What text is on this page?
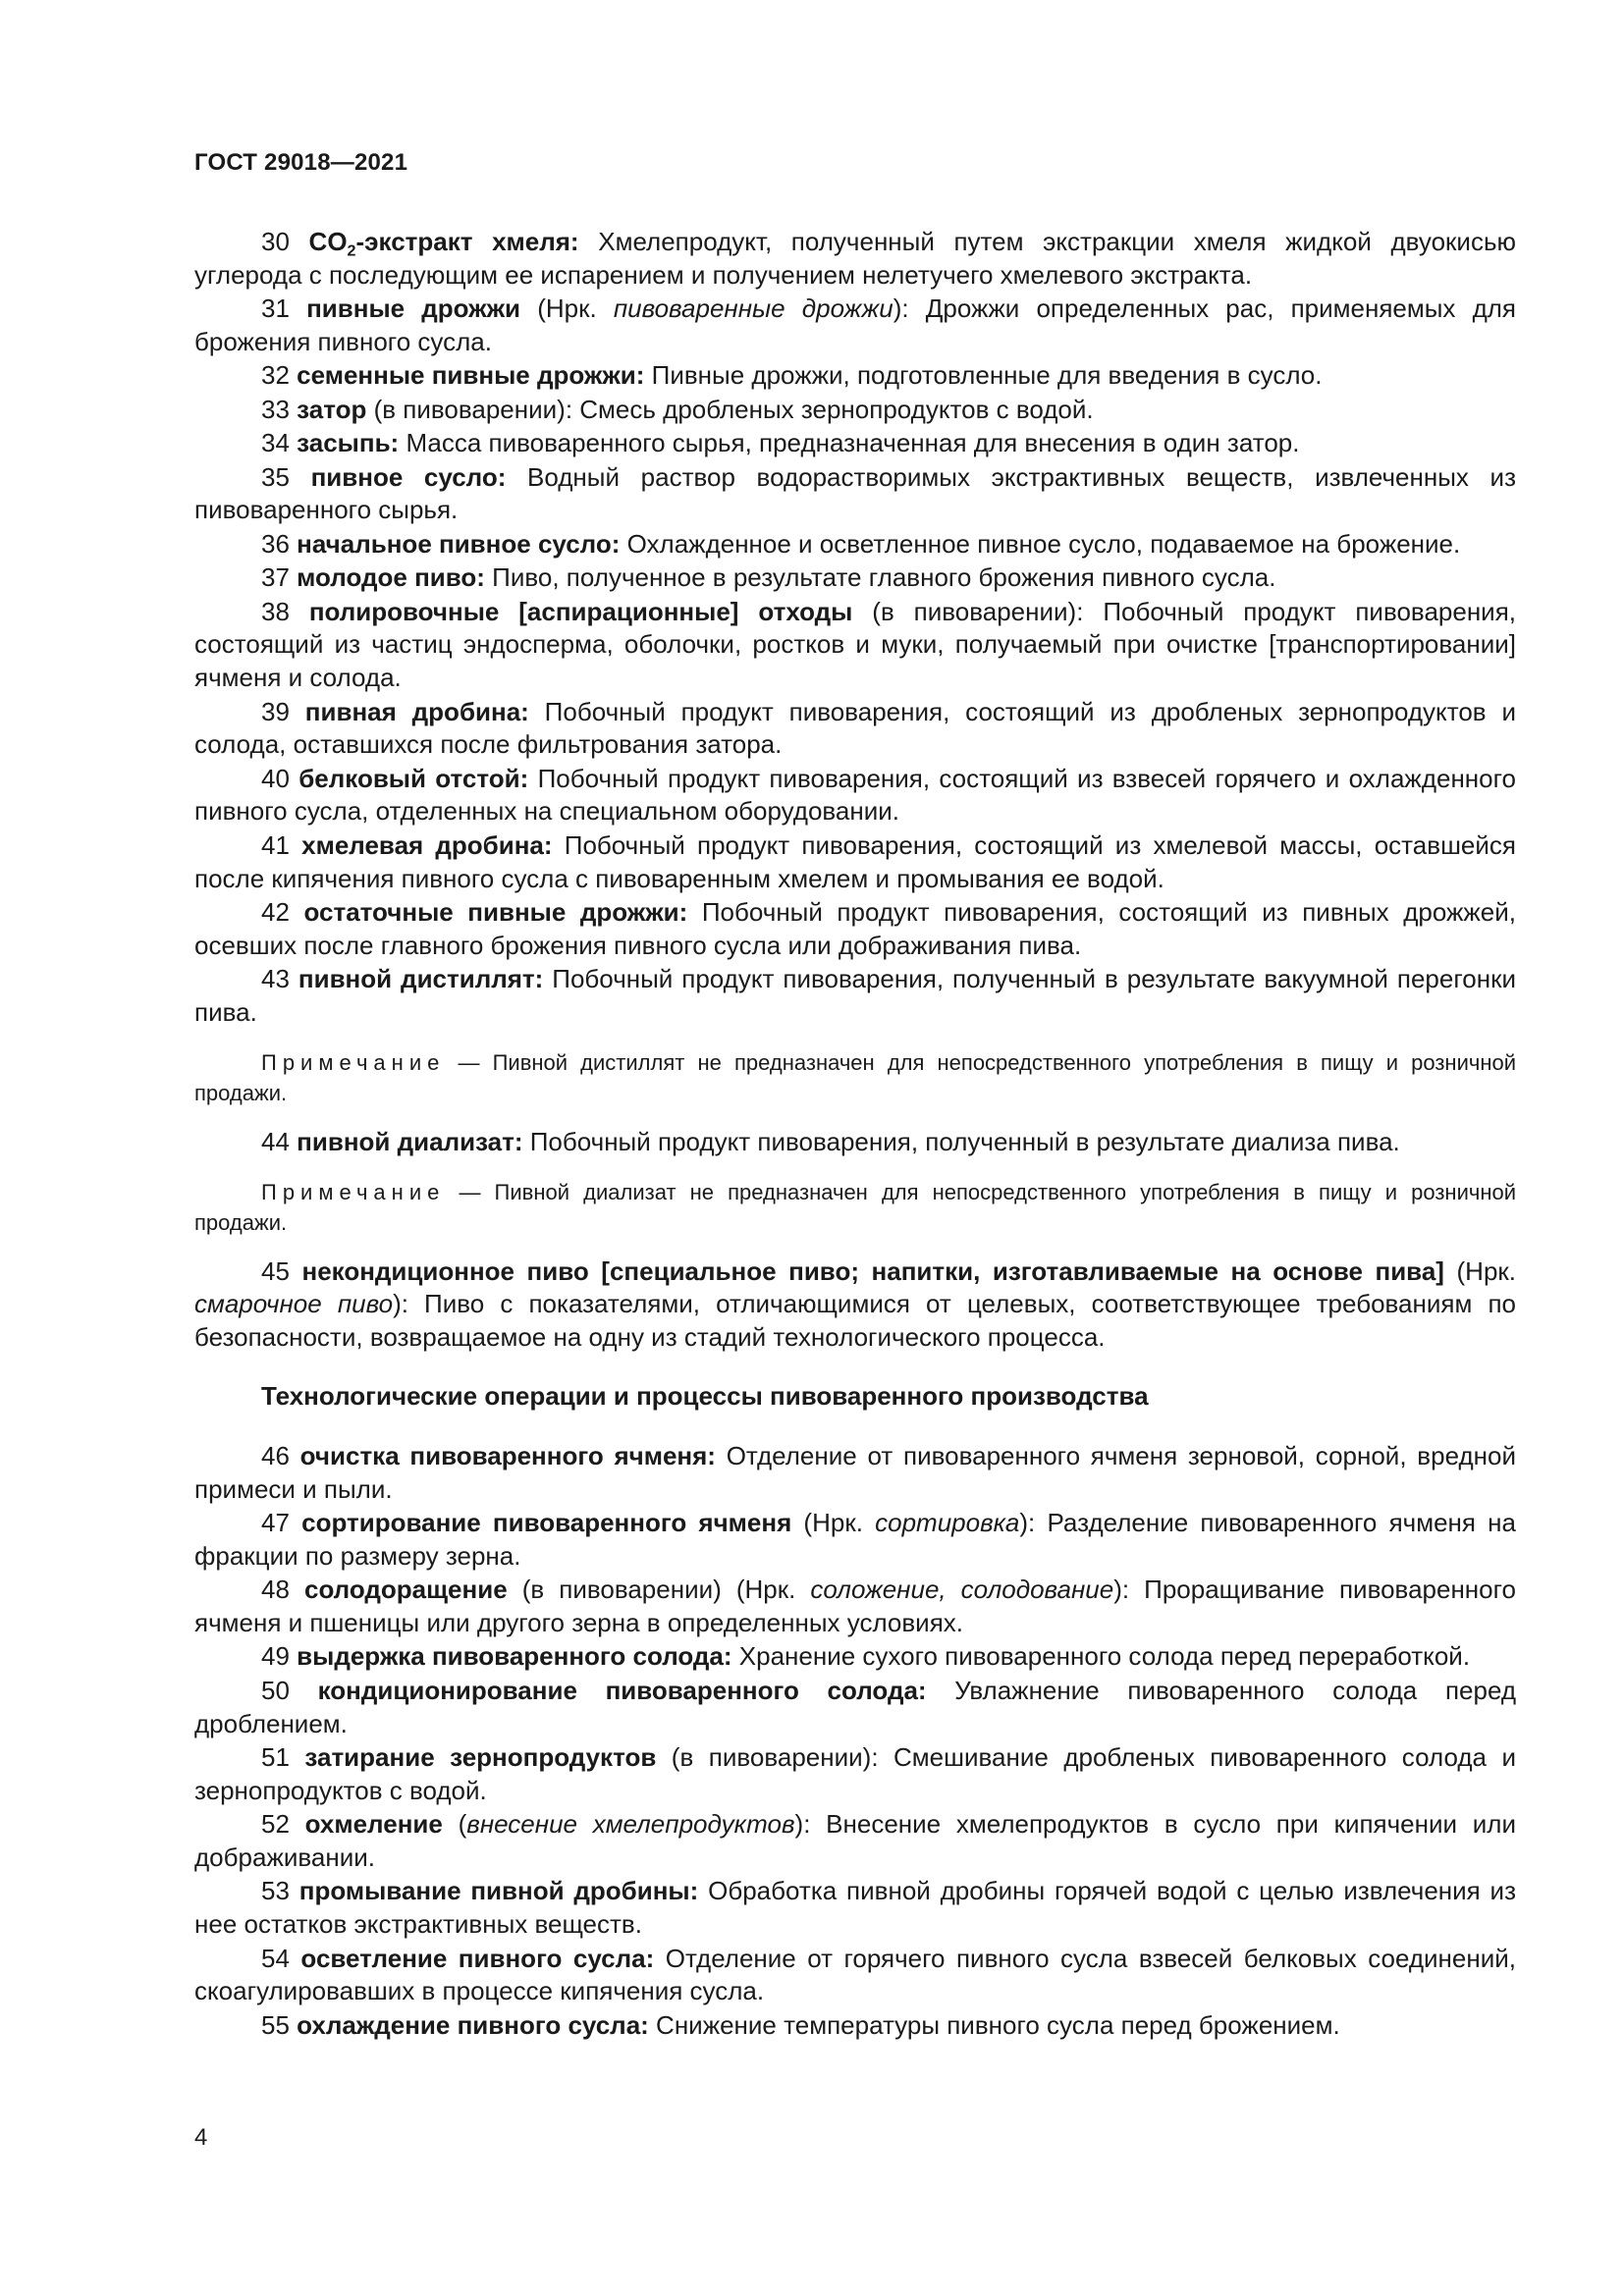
ГОСТ 29018—2021

30 $CO_2$-экстракт хмеля: Хмелепродукт, полученный путем экстракции хмеля жидкой двуокисью углерода с последующим ее испарением и получением нелетучего хмелевого экстракта.

31 пивные дрожжи (Нрк. пивоваренные дрожжи): Дрожжи определенных рас, применяемых для брожения пивного сусла.

32 семенные пивные дрожжи: Пивные дрожжи, подготовленные для введения в сусло.

33 затор (в пивоварении): Смесь дробленых зернопродуктов с водой.

34 засыпь: Масса пивоваренного сырья, предназначенная для внесения в один затор.

35 пивное сусло: Водный раствор водорастворимых экстрактивных веществ, извлеченных из пивоваренного сырья.

36 начальное пивное сусло: Охлажденное и осветленное пивное сусло, подаваемое на брожение.

37 молодое пиво: Пиво, полученное в результате главного брожения пивного сусла.

38 полировочные [аспирационные] отходы (в пивоварении): Побочный продукт пивоварения, состоящий из частиц эндосперма, оболочки, ростков и муки, получаемый при очистке [транспортировании] ячменя и солода.

39 пивная дробина: Побочный продукт пивоварения, состоящий из дробленых зернопродуктов и солода, оставшихся после фильтрования затора.

40 белковый отстой: Побочный продукт пивоварения, состоящий из взвесей горячего и охлажденного пивного сусла, отделенных на специальном оборудовании.

41 хмелевая дробина: Побочный продукт пивоварения, состоящий из хмелевой массы, оставшейся после кипячения пивного сусла с пивоваренным хмелем и промывания ее водой.

42 остаточные пивные дрожжи: Побочный продукт пивоварения, состоящий из пивных дрожжей, осевших после главного брожения пивного сусла или дображивания пива.

43 пивной дистиллят: Побочный продукт пивоварения, полученный в результате вакуумной перегонки пива.

Примечание — Пивной дистиллят не предназначен для непосредственного употребления в пищу и розничной продажи.

44 пивной диализат: Побочный продукт пивоварения, полученный в результате диализа пива.

Примечание — Пивной диализат не предназначен для непосредственного употребления в пищу и розничной продажи.

45 некондиционное пиво [специальное пиво; напитки, изготавливаемые на основе пива] (Нрк. смарочное пиво): Пиво с показателями, отличающимися от целевых, соответствующее требованиям по безопасности, возвращаемое на одну из стадий технологического процесса.

Технологические операции и процессы пивоваренного производства

46 очистка пивоваренного ячменя: Отделение от пивоваренного ячменя зерновой, сорной, вредной примеси и пыли.

47 сортирование пивоваренного ячменя (Нрк. сортировка): Разделение пивоваренного ячменя на фракции по размеру зерна.

48 солодоращение (в пивоварении) (Нрк. соложение, солодование): Проращивание пивоваренного ячменя и пшеницы или другого зерна в определенных условиях.

49 выдержка пивоваренного солода: Хранение сухого пивоваренного солода перед переработкой.

50 кондиционирование пивоваренного солода: Увлажнение пивоваренного солода перед дроблением.

51 затирание зернопродуктов (в пивоварении): Смешивание дробленых пивоваренного солода и зернопродуктов с водой.

52 охмеление (внесение хмелепродуктов): Внесение хмелепродуктов в сусло при кипячении или дображивании.

53 промывание пивной дробины: Обработка пивной дробины горячей водой с целью извлечения из нее остатков экстрактивных веществ.

54 осветление пивного сусла: Отделение от горячего пивного сусла взвесей белковых соединений, скоагулировавших в процессе кипячения сусла.

55 охлаждение пивного сусла: Снижение температуры пивного сусла перед брожением.

4
